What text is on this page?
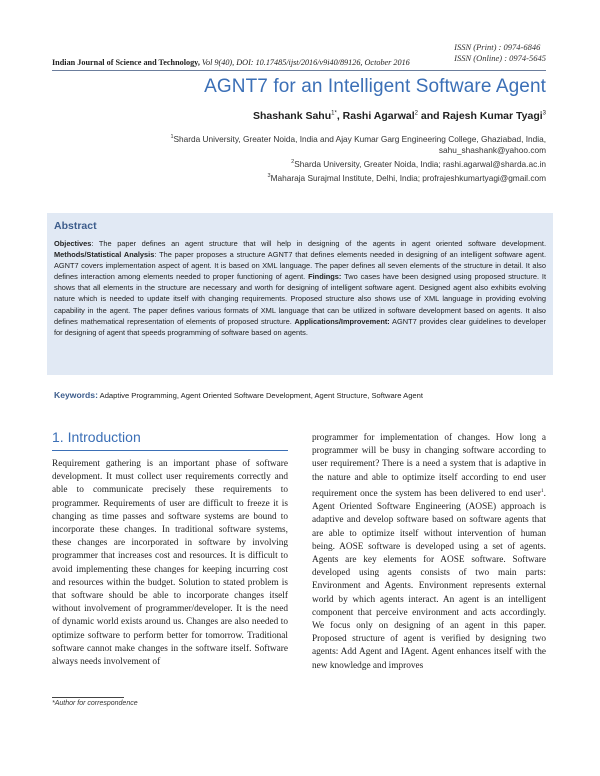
ISSN (Print) : 0974-6846
ISSN (Online) : 0974-5645
Indian Journal of Science and Technology, Vol 9(40), DOI: 10.17485/ijst/2016/v9i40/89126, October 2016
AGNT7 for an Intelligent Software Agent
Shashank Sahu$^{1*}$, Rashi Agarwal$^2$ and Rajesh Kumar Tyagi$^3$
$^1$Sharda University, Greater Noida, India and Ajay Kumar Garg Engineering College, Ghaziabad, India,
sahu_shashank@yahoo.com
$^2$Sharda University, Greater Noida, India; rashi.agarwal@sharda.ac.in
$^3$Maharaja Surajmal Institute, Delhi, India; profrajeshkumartyagi@gmail.com
Abstract
Objectives: The paper defines an agent structure that will help in designing of the agents in agent oriented software development. Methods/Statistical Analysis: The paper proposes a structure AGNT7 that defines elements needed in designing of an intelligent software agent. AGNT7 covers implementation aspect of agent. It is based on XML language. The paper defines all seven elements of the structure in detail. It also defines interaction among elements needed to proper functioning of agent. Findings: Two cases have been designed using proposed structure. It shows that all elements in the structure are necessary and worth for designing of intelligent software agent. Designed agent also exhibits evolving nature which is needed to update itself with changing requirements. Proposed structure also shows use of XML language in providing evolving capability in the agent. The paper defines various formats of XML language that can be utilized in software development based on agents. It also defines mathematical representation of elements of proposed structure. Applications/Improvement: AGNT7 provides clear guidelines to developer for designing of agent that speeds programming of software based on agents.
Keywords: Adaptive Programming, Agent Oriented Software Development, Agent Structure, Software Agent
1. Introduction
Requirement gathering is an important phase of software development. It must collect user requirements correctly and able to communicate precisely these requirements to programmer. Requirements of user are difficult to freeze it is changing as time passes and software systems are bound to incorporate these changes. In traditional software systems, these changes are incorporated in software by involving programmer that increases cost and resources. It is difficult to avoid implementing these changes for keeping incurring cost and resources within the budget. Solution to stated problem is that software should be able to incorporate changes itself without involvement of programmer/developer. It is the need of dynamic world exists around us. Changes are also needed to optimize software to perform better for tomorrow. Traditional software cannot make changes in the software itself. Software always needs involvement of
programmer for implementation of changes. How long a programmer will be busy in changing software according to user requirement? There is a need a system that is adaptive in the nature and able to optimize itself according to end user requirement once the system has been delivered to end user$^1$. Agent Oriented Software Engineering (AOSE) approach is adaptive and develop software based on software agents that are able to optimize itself without intervention of human being. AOSE software is developed using a set of agents. Agents are key elements for AOSE software. Software developed using agents consists of two main parts: Environment and Agents. Environment represents external world by which agents interact. An agent is an intelligent component that perceive environment and acts accordingly. We focus only on designing of an agent in this paper. Proposed structure of agent is verified by designing two agents: Add Agent and IAgent. Agent enhances itself with the new knowledge and improves
*Author for correspondence
